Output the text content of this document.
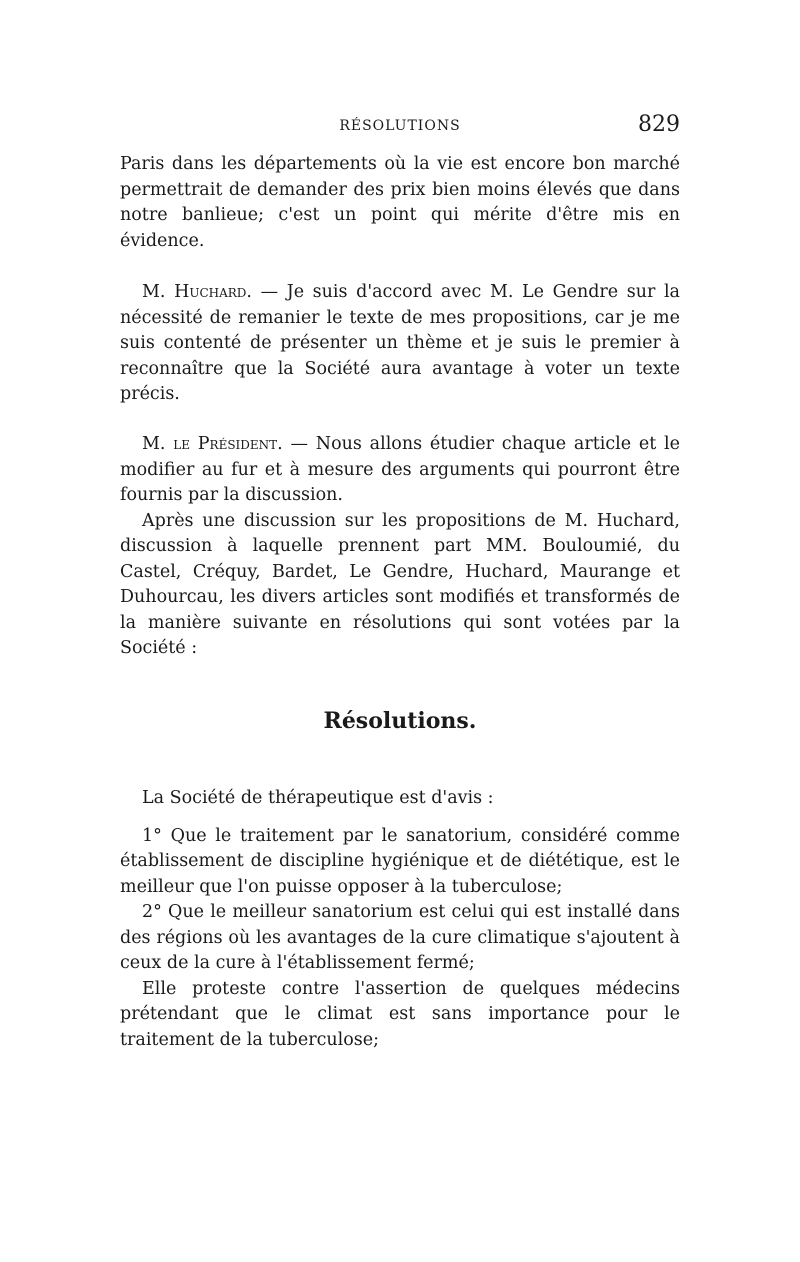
RÉSOLUTIONS	829

Paris dans les départements où la vie est encore bon marché permettrait de demander des prix bien moins élevés que dans notre banlieue; c'est un point qui mérite d'être mis en évidence.

M. Huchard. — Je suis d'accord avec M. Le Gendre sur la nécessité de remanier le texte de mes propositions, car je me suis contenté de présenter un thème et je suis le premier à reconnaître que la Société aura avantage à voter un texte précis.

M. le Président. — Nous allons étudier chaque article et le modifier au fur et à mesure des arguments qui pourront être fournis par la discussion.

Après une discussion sur les propositions de M. Huchard, discussion à laquelle prennent part MM. Bouloumié, du Castel, Créquy, Bardet, Le Gendre, Huchard, Maurange et Duhourcau, les divers articles sont modifiés et transformés de la manière suivante en résolutions qui sont votées par la Société :

Résolutions.

La Société de thérapeutique est d'avis :

1° Que le traitement par le sanatorium, considéré comme établissement de discipline hygiénique et de diététique, est le meilleur que l'on puisse opposer à la tuberculose;

2° Que le meilleur sanatorium est celui qui est installé dans des régions où les avantages de la cure climatique s'ajoutent à ceux de la cure à l'établissement fermé;

Elle proteste contre l'assertion de quelques médecins prétendant que le climat est sans importance pour le traitement de la tuberculose;
